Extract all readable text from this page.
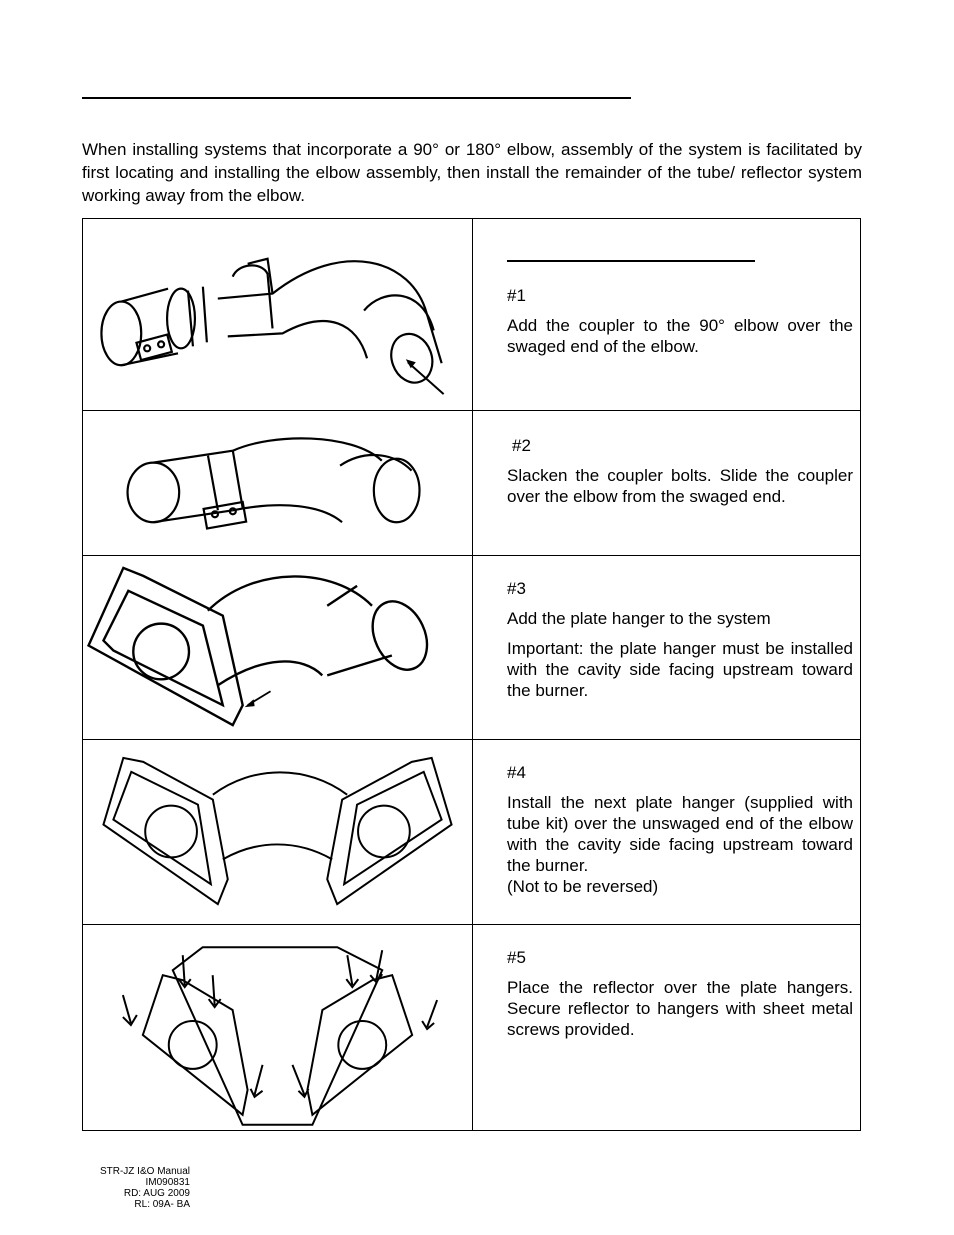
When installing systems that incorporate a 90° or 180° elbow, assembly of the system is facilitated by first locating and installing the elbow assembly, then install the remainder of the tube/ reflector system working away from the elbow.

#1

Add the coupler to the 90° elbow over the swaged end of the elbow.

#2

Slacken the coupler bolts. Slide the coupler over the elbow from the swaged end.

#3

Add the plate hanger to the system

Important: the plate hanger must be installed with the cavity side facing upstream toward the burner.

#4

Install the next plate hanger (supplied with tube kit) over the unswaged end of the elbow with the cavity side facing upstream toward the burner.

(Not to be reversed)

#5

Place the reflector over the plate hangers. Secure reflector to hangers with sheet metal screws provided.

STR-JZ I&O Manual
IM090831
RD: AUG 2009
RL: 09A- BA
